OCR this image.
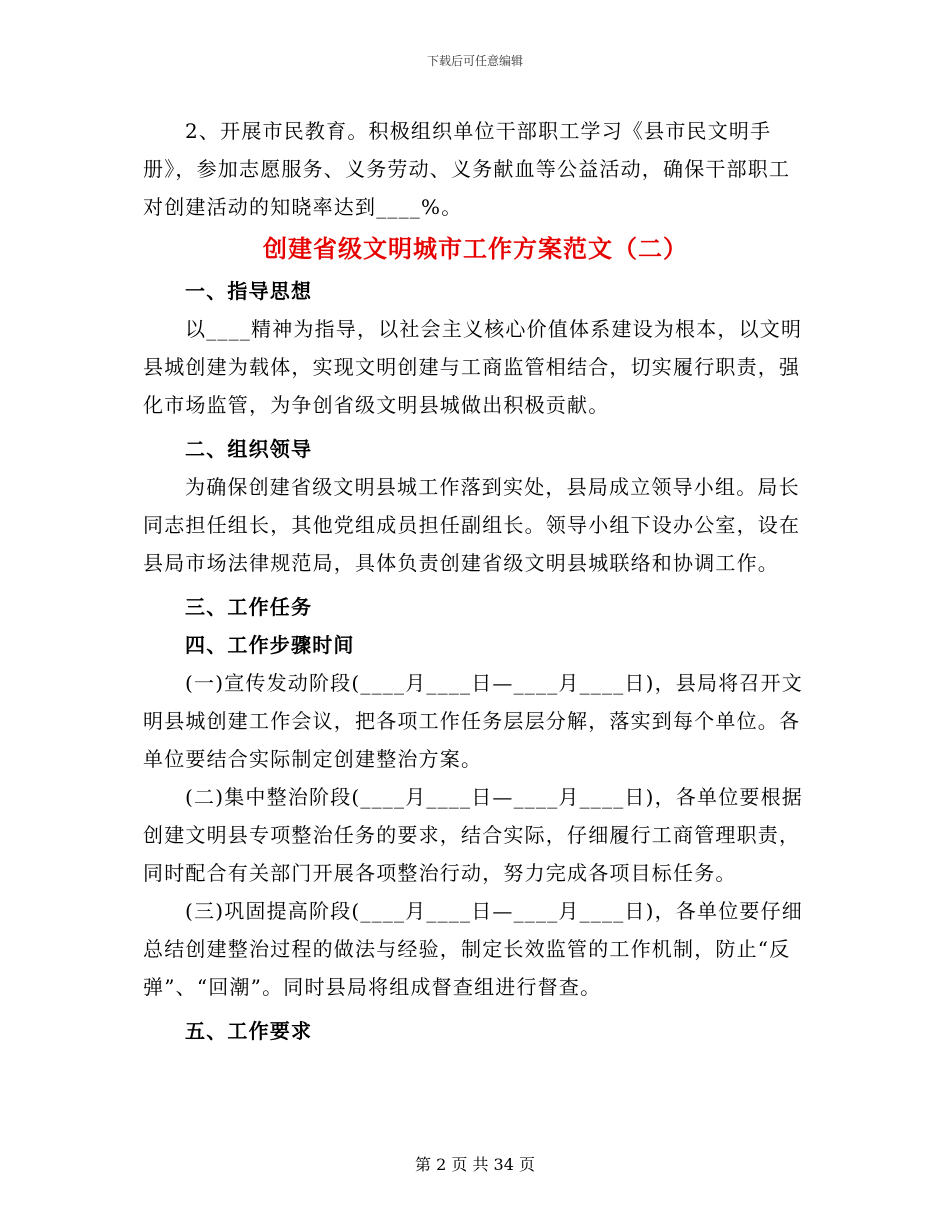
下载后可任意编辑

2、开展市民教育。积极组织单位干部职工学习《县市民文明手册》，参加志愿服务、义务劳动、义务献血等公益活动，确保干部职工对创建活动的知晓率达到____%。

创建省级文明城市工作方案范文（二）

一、指导思想

以____精神为指导，以社会主义核心价值体系建设为根本，以文明县城创建为载体，实现文明创建与工商监管相结合，切实履行职责，强化市场监管，为争创省级文明县城做出积极贡献。

二、组织领导

为确保创建省级文明县城工作落到实处，县局成立领导小组。局长同志担任组长，其他党组成员担任副组长。领导小组下设办公室，设在县局市场法律规范局，具体负责创建省级文明县城联络和协调工作。

三、工作任务

四、工作步骤时间

(一)宣传发动阶段(____月____日—____月____日)，县局将召开文明县城创建工作会议，把各项工作任务层层分解，落实到每个单位。各单位要结合实际制定创建整治方案。

(二)集中整治阶段(____月____日—____月____日)，各单位要根据创建文明县专项整治任务的要求，结合实际，仔细履行工商管理职责，同时配合有关部门开展各项整治行动，努力完成各项目标任务。

(三)巩固提高阶段(____月____日—____月____日)，各单位要仔细总结创建整治过程的做法与经验，制定长效监管的工作机制，防止“反弹”、“回潮”。同时县局将组成督查组进行督查。

五、工作要求

第 2 页 共 34 页
